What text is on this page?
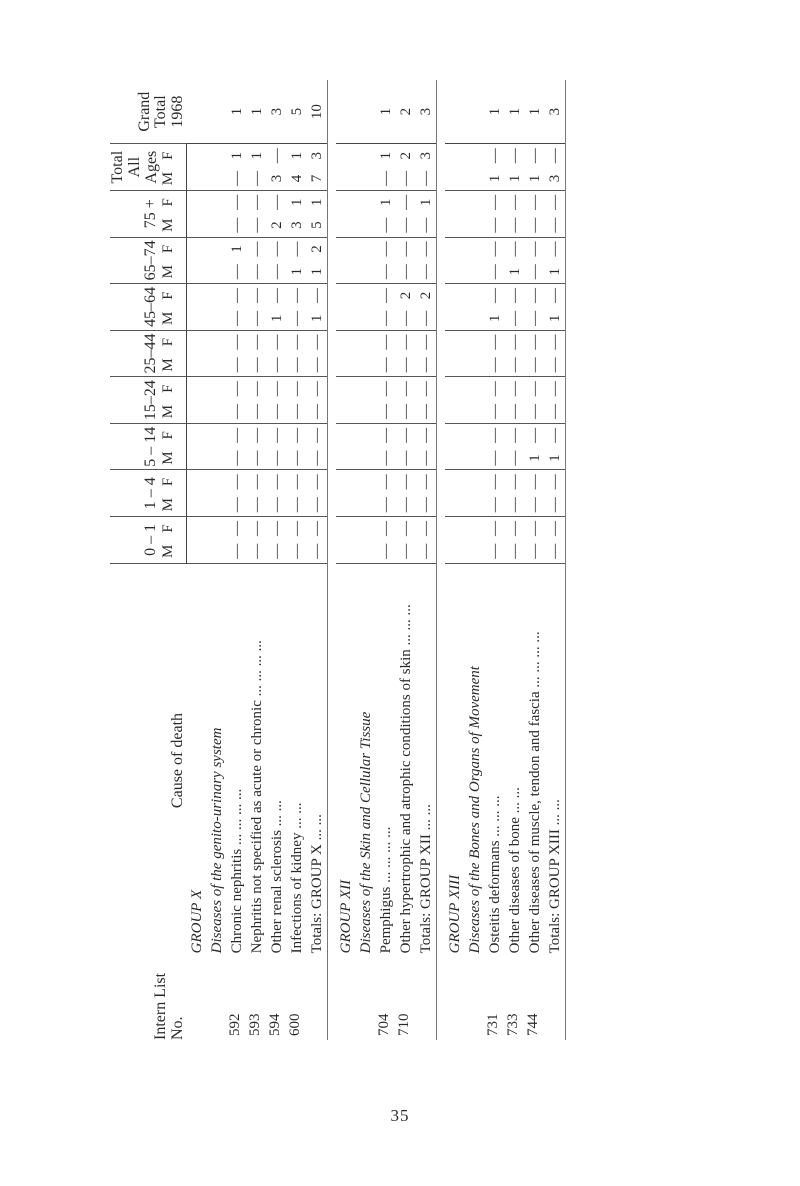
Intern List No.	Cause of death	0 – 1		1 – 4		5 – 14		15–24		25–44		45–64		65–74		75 +		Total All Ages		Grand Total 1968
		M	F	M	F	M	F	M	F	M	F	M	F	M	F	M	F	M	F	
	GROUP X																			
	Diseases of the genito-urinary system																			
592	Chronic nephritis ... ... ... ...	—	—	—	—	—	—	—	—	—	—	—	—	—	1	—	—	—	1	1
593	Nephritis not specified as acute or chronic ... ... ... ...	—	—	—	—	—	—	—	—	—	—	—	—	—	—	—	—	—	1	1
594	Other renal sclerosis ... ...	—	—	—	—	—	—	—	—	—	—	1	—	—	—	2	—	3	—	3
600	Infections of kidney ... ...	—	—	—	—	—	—	—	—	—	—	—	—	1	—	3	1	4	1	5
	Totals: GROUP X ... ...	—	—	—	—	—	—	—	—	—	—	1	—	1	2	5	1	7	3	10

	GROUP XII																			
	Diseases of the Skin and Cellular Tissue																			
704	Pemphigus ... ... ... ...	—	—	—	—	—	—	—	—	—	—	—	—	—	—	—	1	—	1	1
710	Other hypertrophic and atrophic conditions of skin ... ... ...	—	—	—	—	—	—	—	—	—	—	—	2	—	—	—	—	—	2	2
	Totals: GROUP XII ... ...	—	—	—	—	—	—	—	—	—	—	—	2	—	—	—	1	—	3	3

	GROUP XIII																			
	Diseases of the Bones and Organs of Movement																			
731	Osteitis deformans ... ... ...	—	—	—	—	—	—	—	—	—	—	1	—	—	—	—	—	1	—	1
733	Other diseases of bone ... ...	—	—	—	—	—	—	—	—	—	—	—	—	1	—	—	—	1	—	1
744	Other diseases of muscle, tendon and fascia ... ... ... ...	—	—	—	—	1	—	—	—	—	—	—	—	—	—	—	—	1	—	1
	Totals: GROUP XIII ... ...	—	—	—	—	1	—	—	—	—	—	1	—	1	—	—	—	3	—	3

35
